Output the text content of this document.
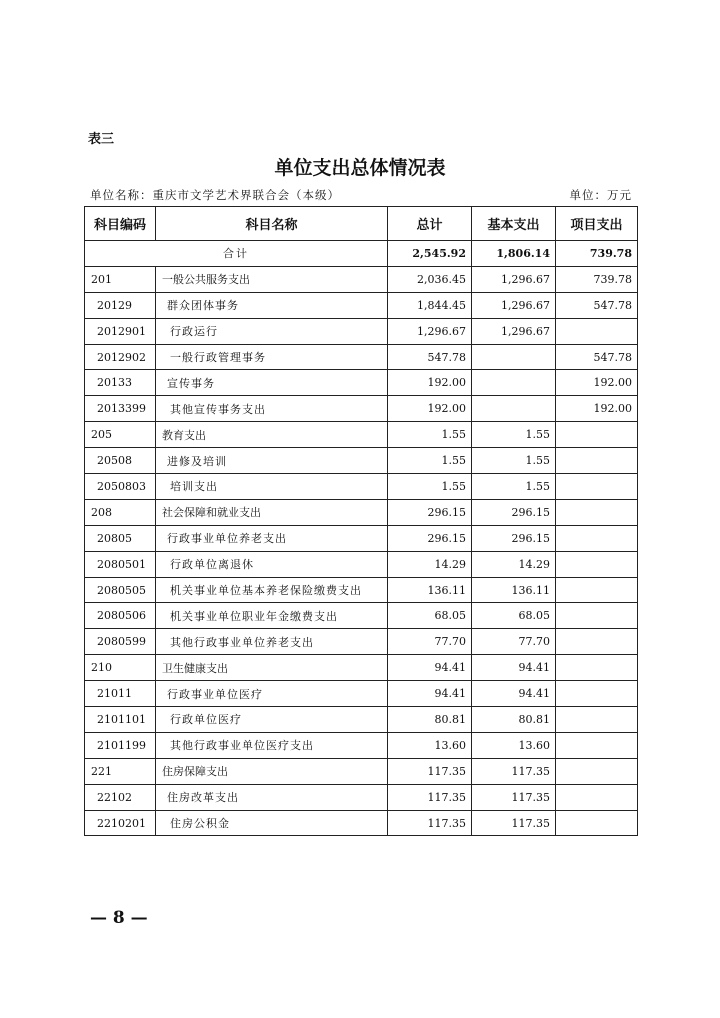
表三
单位支出总体情况表
单位名称：重庆市文学艺术界联合会（本级）	单位：万元
科目编码	科目名称	总计	基本支出	项目支出
合计		2,545.92	1,806.14	739.78
201	一般公共服务支出	2,036.45	1,296.67	739.78
20129	群众团体事务	1,844.45	1,296.67	547.78
2012901	行政运行	1,296.67	1,296.67	
2012902	一般行政管理事务	547.78		547.78
20133	宣传事务	192.00		192.00
2013399	其他宣传事务支出	192.00		192.00
205	教育支出	1.55	1.55	
20508	进修及培训	1.55	1.55	
2050803	培训支出	1.55	1.55	
208	社会保障和就业支出	296.15	296.15	
20805	行政事业单位养老支出	296.15	296.15	
2080501	行政单位离退休	14.29	14.29	
2080505	机关事业单位基本养老保险缴费支出	136.11	136.11	
2080506	机关事业单位职业年金缴费支出	68.05	68.05	
2080599	其他行政事业单位养老支出	77.70	77.70	
210	卫生健康支出	94.41	94.41	
21011	行政事业单位医疗	94.41	94.41	
2101101	行政单位医疗	80.81	80.81	
2101199	其他行政事业单位医疗支出	13.60	13.60	
221	住房保障支出	117.35	117.35	
22102	住房改革支出	117.35	117.35	
2210201	住房公积金	117.35	117.35	
— 8 —
